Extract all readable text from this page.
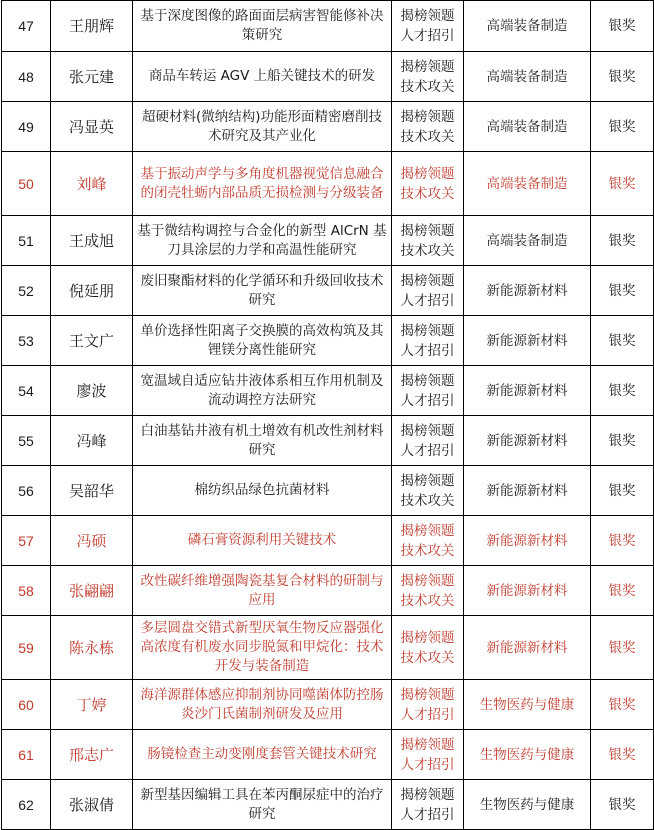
47	王朋辉	基于深度图像的路面面层病害智能修补决策研究	揭榜领题人才招引	高端装备制造	银奖
48	张元建	商品车转运 AGV 上船关键技术的研发	揭榜领题技术攻关	高端装备制造	银奖
49	冯显英	超硬材料(微纳结构)功能形面精密磨削技术研究及其产业化	揭榜领题技术攻关	高端装备制造	银奖
50	刘峰	基于振动声学与多角度机器视觉信息融合的闭壳牡蛎内部品质无损检测与分级装备	揭榜领题技术攻关	高端装备制造	银奖
51	王成旭	基于微结构调控与合金化的新型 AlCrN 基刀具涂层的力学和高温性能研究	揭榜领题技术攻关	高端装备制造	银奖
52	倪延朋	废旧聚酯材料的化学循环和升级回收技术研究	揭榜领题人才招引	新能源新材料	银奖
53	王文广	单价选择性阳离子交换膜的高效构筑及其锂镁分离性能研究	揭榜领题人才招引	新能源新材料	银奖
54	廖波	宽温域自适应钻井液体系相互作用机制及流动调控方法研究	揭榜领题人才招引	新能源新材料	银奖
55	冯峰	白油基钻井液有机土增效有机改性剂材料研究	揭榜领题人才招引	新能源新材料	银奖
56	吴韶华	棉纺织品绿色抗菌材料	揭榜领题技术攻关	新能源新材料	银奖
57	冯硕	磷石膏资源利用关键技术	揭榜领题技术攻关	新能源新材料	银奖
58	张翩翩	改性碳纤维增强陶瓷基复合材料的研制与应用	揭榜领题技术攻关	新能源新材料	银奖
59	陈永栋	多层圆盘交错式新型厌氧生物反应器强化高浓度有机废水同步脱氮和甲烷化：技术开发与装备制造	揭榜领题技术攻关	新能源新材料	银奖
60	丁婷	海洋源群体感应抑制剂协同噬菌体防控肠炎沙门氏菌制剂研发及应用	揭榜领题人才招引	生物医药与健康	银奖
61	邢志广	肠镜检查主动变刚度套管关键技术研究	揭榜领题人才招引	生物医药与健康	银奖
62	张淑倩	新型基因编辑工具在苯丙酮尿症中的治疗研究	揭榜领题人才招引	生物医药与健康	银奖
